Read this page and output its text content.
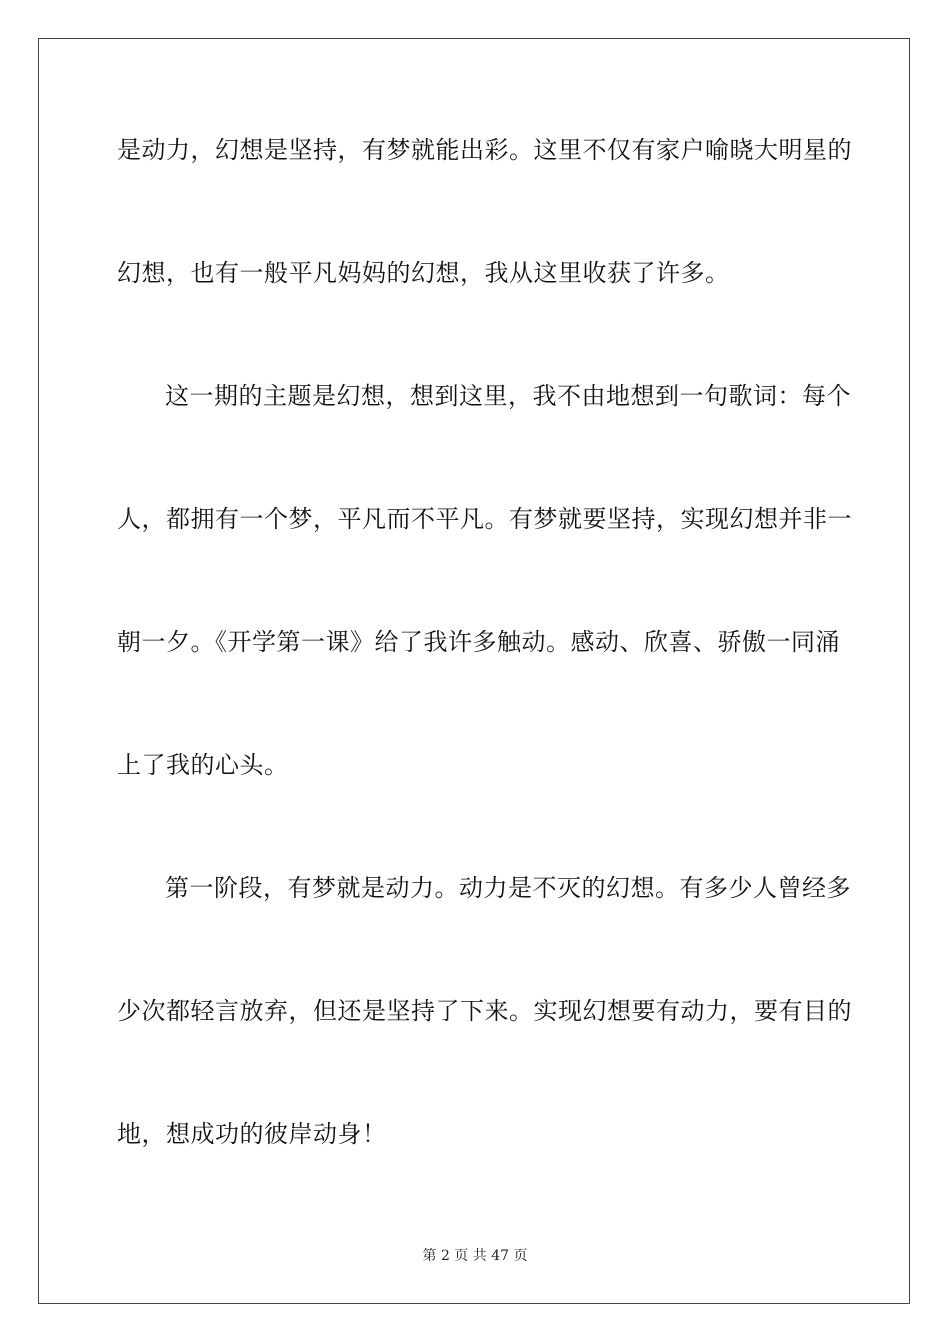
是动力，幻想是坚持，有梦就能出彩。这里不仅有家户喻晓大明星的
幻想，也有一般平凡妈妈的幻想，我从这里收获了许多。
这一期的主题是幻想，想到这里，我不由地想到一句歌词：每个
人，都拥有一个梦，平凡而不平凡。有梦就要坚持，实现幻想并非一
朝一夕。《开学第一课》给了我许多触动。感动、欣喜、骄傲一同涌
上了我的心头。
第一阶段，有梦就是动力。动力是不灭的幻想。有多少人曾经多
少次都轻言放弃，但还是坚持了下来。实现幻想要有动力，要有目的
地，想成功的彼岸动身！
第 2 页 共 47 页
